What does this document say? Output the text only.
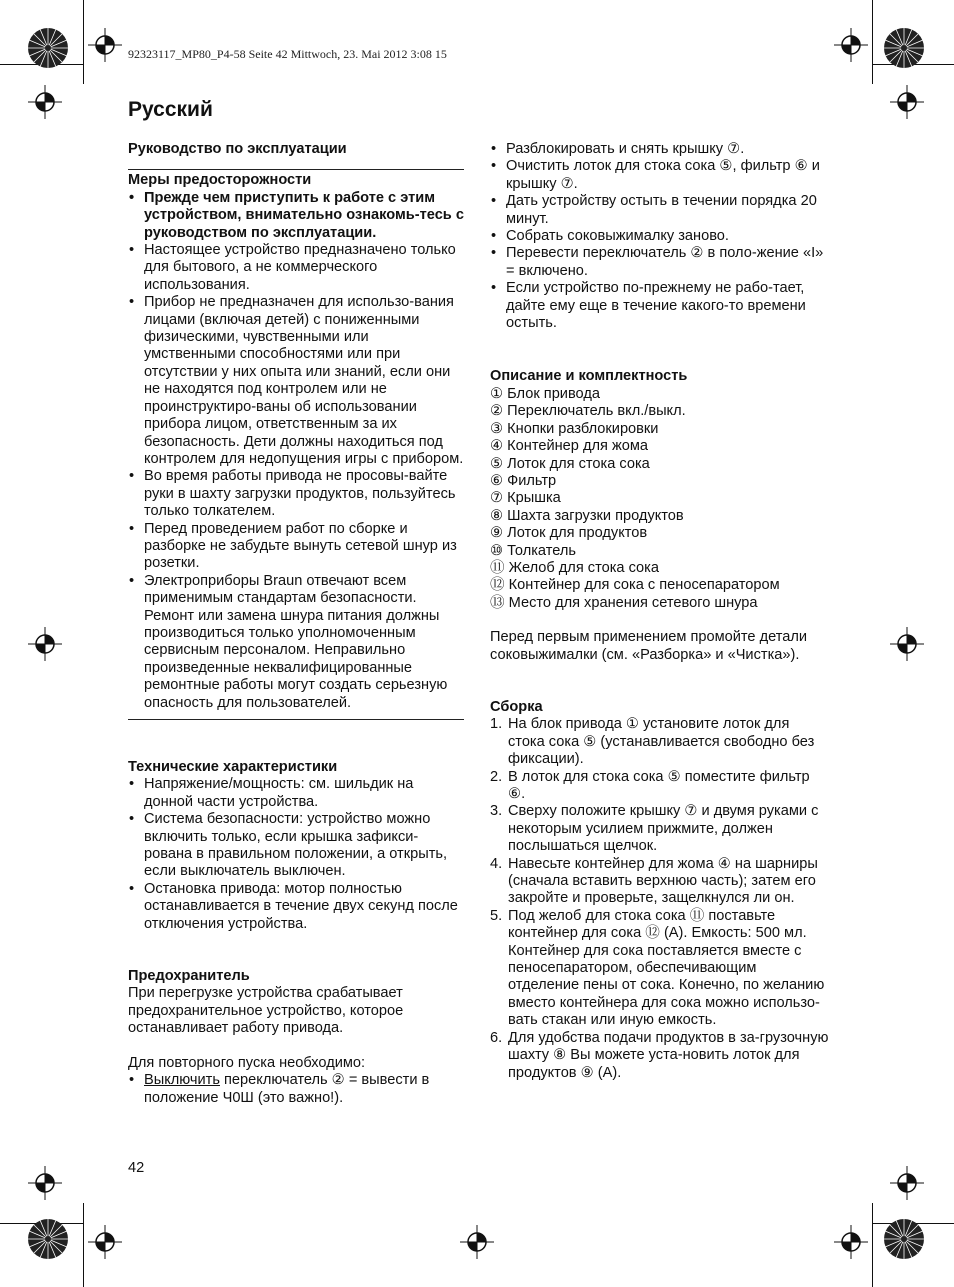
92323117_MP80_P4-58 Seite 42 Mittwoch, 23. Mai 2012 3:08 15
Русский

Руководство по эксплуатации

Меры предосторожности

• Прежде чем приступить к работе с этим устройством, внимательно ознакомь-тесь с руководством по эксплуатации.
• Настоящее устройство предназначено только для бытового, а не коммерческого использования.
• Прибор не предназначен для использо-вания лицами (включая детей) с пониженными физическими, чувственными или умственными способностями или при отсутствии у них опыта или знаний, если они не находятся под контролем или не проинструктиро-ваны об использовании прибора лицом, ответственным за их безопасность. Дети должны находиться под контролем для недопущения игры с прибором.
• Во время работы привода не просовы-вайте руки в шахту загрузки продуктов, пользуйтесь только толкателем.
• Перед проведением работ по сборке и разборке не забудьте вынуть сетевой шнур из розетки.
• Электроприборы Braun отвечают всем применимым стандартам безопасности. Ремонт или замена шнура питания должны производиться только уполномоченным сервисным персоналом. Неправильно произведенные неквалифицированные ремонтные работы могут создать серьезную опасность для пользователей.

Технические характеристики

• Напряжение/мощность: см. шильдик на донной части устройства.
• Система безопасности: устройство можно включить только, если крышка зафикси-рована в правильном положении, а открыть, если выключатель выключен.
• Остановка привода: мотор полностью останавливается в течение двух секунд после отключения устройства.

Предохранитель

При перегрузке устройства срабатывает предохранительное устройство, которое останавливает работу привода.

Для повторного пуска необходимо:

• Выключить переключатель ② = вывести в положение Ч0Ш (это важно!).
42
• Разблокировать и снять крышку ⑦.
• Очистить лоток для стока сока ⑤, фильтр ⑥ и крышку ⑦.
• Дать устройству остыть в течении порядка 20 минут.
• Собрать соковыжималку заново.
• Перевести переключатель ② в поло-жение «I» = включено.
• Если устройство по-прежнему не рабо-тает, дайте ему еще в течение какого-то времени остыть.

Описание и комплектность

① Блок привода
② Переключатель вкл./выкл.
③ Кнопки разблокировки
④ Контейнер для жома
⑤ Лоток для стока сока
⑥ Фильтр
⑦ Крышка
⑧ Шахта загрузки продуктов
⑨ Лоток для продуктов
⑩ Толкатель
⑪ Желоб для стока сока
⑫ Контейнер для сока с пеносепаратором
⑬ Место для хранения сетевого шнура

Перед первым применением промойте детали соковыжималки (см. «Разборка» и «Чистка»).

Сборка

1. На блок привода ① установите лоток для стока сока ⑤ (устанавливается свободно без фиксации).
2. В лоток для стока сока ⑤ поместите фильтр ⑥.
3. Сверху положите крышку ⑦ и двумя руками с некоторым усилием прижмите, должен послышаться щелчок.
4. Навесьте контейнер для жома ④ на шарниры (сначала вставить верхнюю часть); затем его закройте и проверьте, защелкнулся ли он.
5. Под желоб для стока сока ⑪ поставьте контейнер для сока ⑫ (A). Емкость: 500 мл. Контейнер для сока поставляется вместе с пеносепаратором, обеспечивающим отделение пены от сока. Конечно, по желанию вместо контейнера для сока можно использо-вать стакан или иную емкость.
6. Для удобства подачи продуктов в за-грузочную шахту ⑧ Вы можете уста-новить лоток для продуктов ⑨ (A).
